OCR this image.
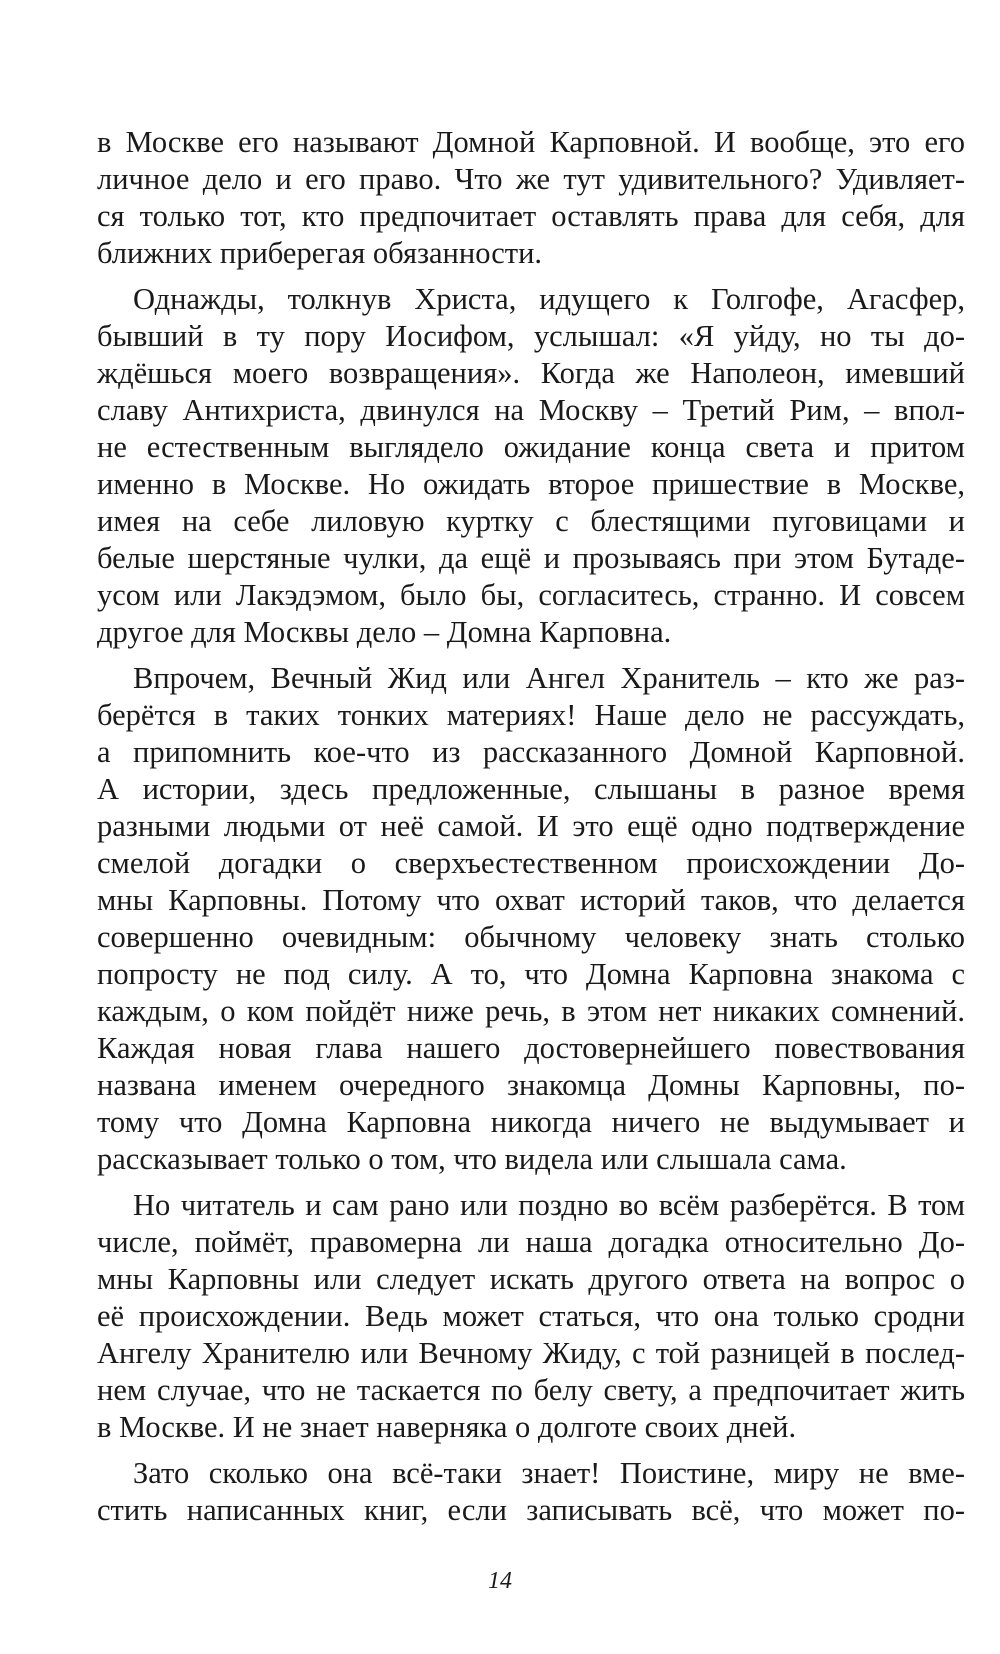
в Москве его называют Домной Карповной. И вообще, это его
личное дело и его право. Что же тут удивительного? Удивляет-
ся только тот, кто предпочитает оставлять права для себя, для
ближних приберегая обязанности.
Однажды, толкнув Христа, идущего к Голгофе, Агасфер,
бывший в ту пору Иосифом, услышал: «Я уйду, но ты до-
ждёшься моего возвращения». Когда же Наполеон, имевший
славу Антихриста, двинулся на Москву – Третий Рим, – впол-
не естественным выглядело ожидание конца света и притом
именно в Москве. Но ожидать второе пришествие в Москве,
имея на себе лиловую куртку с блестящими пуговицами и
белые шерстяные чулки, да ещё и прозываясь при этом Бутаде-
усом или Лакэдэмом, было бы, согласитесь, странно. И совсем
другое для Москвы дело – Домна Карповна.
Впрочем, Вечный Жид или Ангел Хранитель – кто же раз-
берётся в таких тонких материях! Наше дело не рассуждать,
а припомнить кое-что из рассказанного Домной Карповной.
А истории, здесь предложенные, слышаны в разное время
разными людьми от неё самой. И это ещё одно подтверждение
смелой догадки о сверхъестественном происхождении До-
мны Карповны. Потому что охват историй таков, что делается
совершенно очевидным: обычному человеку знать столько
попросту не под силу. А то, что Домна Карповна знакома с
каждым, о ком пойдёт ниже речь, в этом нет никаких сомнений.
Каждая новая глава нашего достовернейшего повествования
названа именем очередного знакомца Домны Карповны, по-
тому что Домна Карповна никогда ничего не выдумывает и
рассказывает только о том, что видела или слышала сама.
Но читатель и сам рано или поздно во всём разберётся. В том
числе, поймёт, правомерна ли наша догадка относительно До-
мны Карповны или следует искать другого ответа на вопрос о
её происхождении. Ведь может статься, что она только сродни
Ангелу Хранителю или Вечному Жиду, с той разницей в послед-
нем случае, что не таскается по белу свету, а предпочитает жить
в Москве. И не знает наверняка о долготе своих дней.
Зато сколько она всё-таки знает! Поистине, миру не вме-
стить написанных книг, если записывать всё, что может по-
14
